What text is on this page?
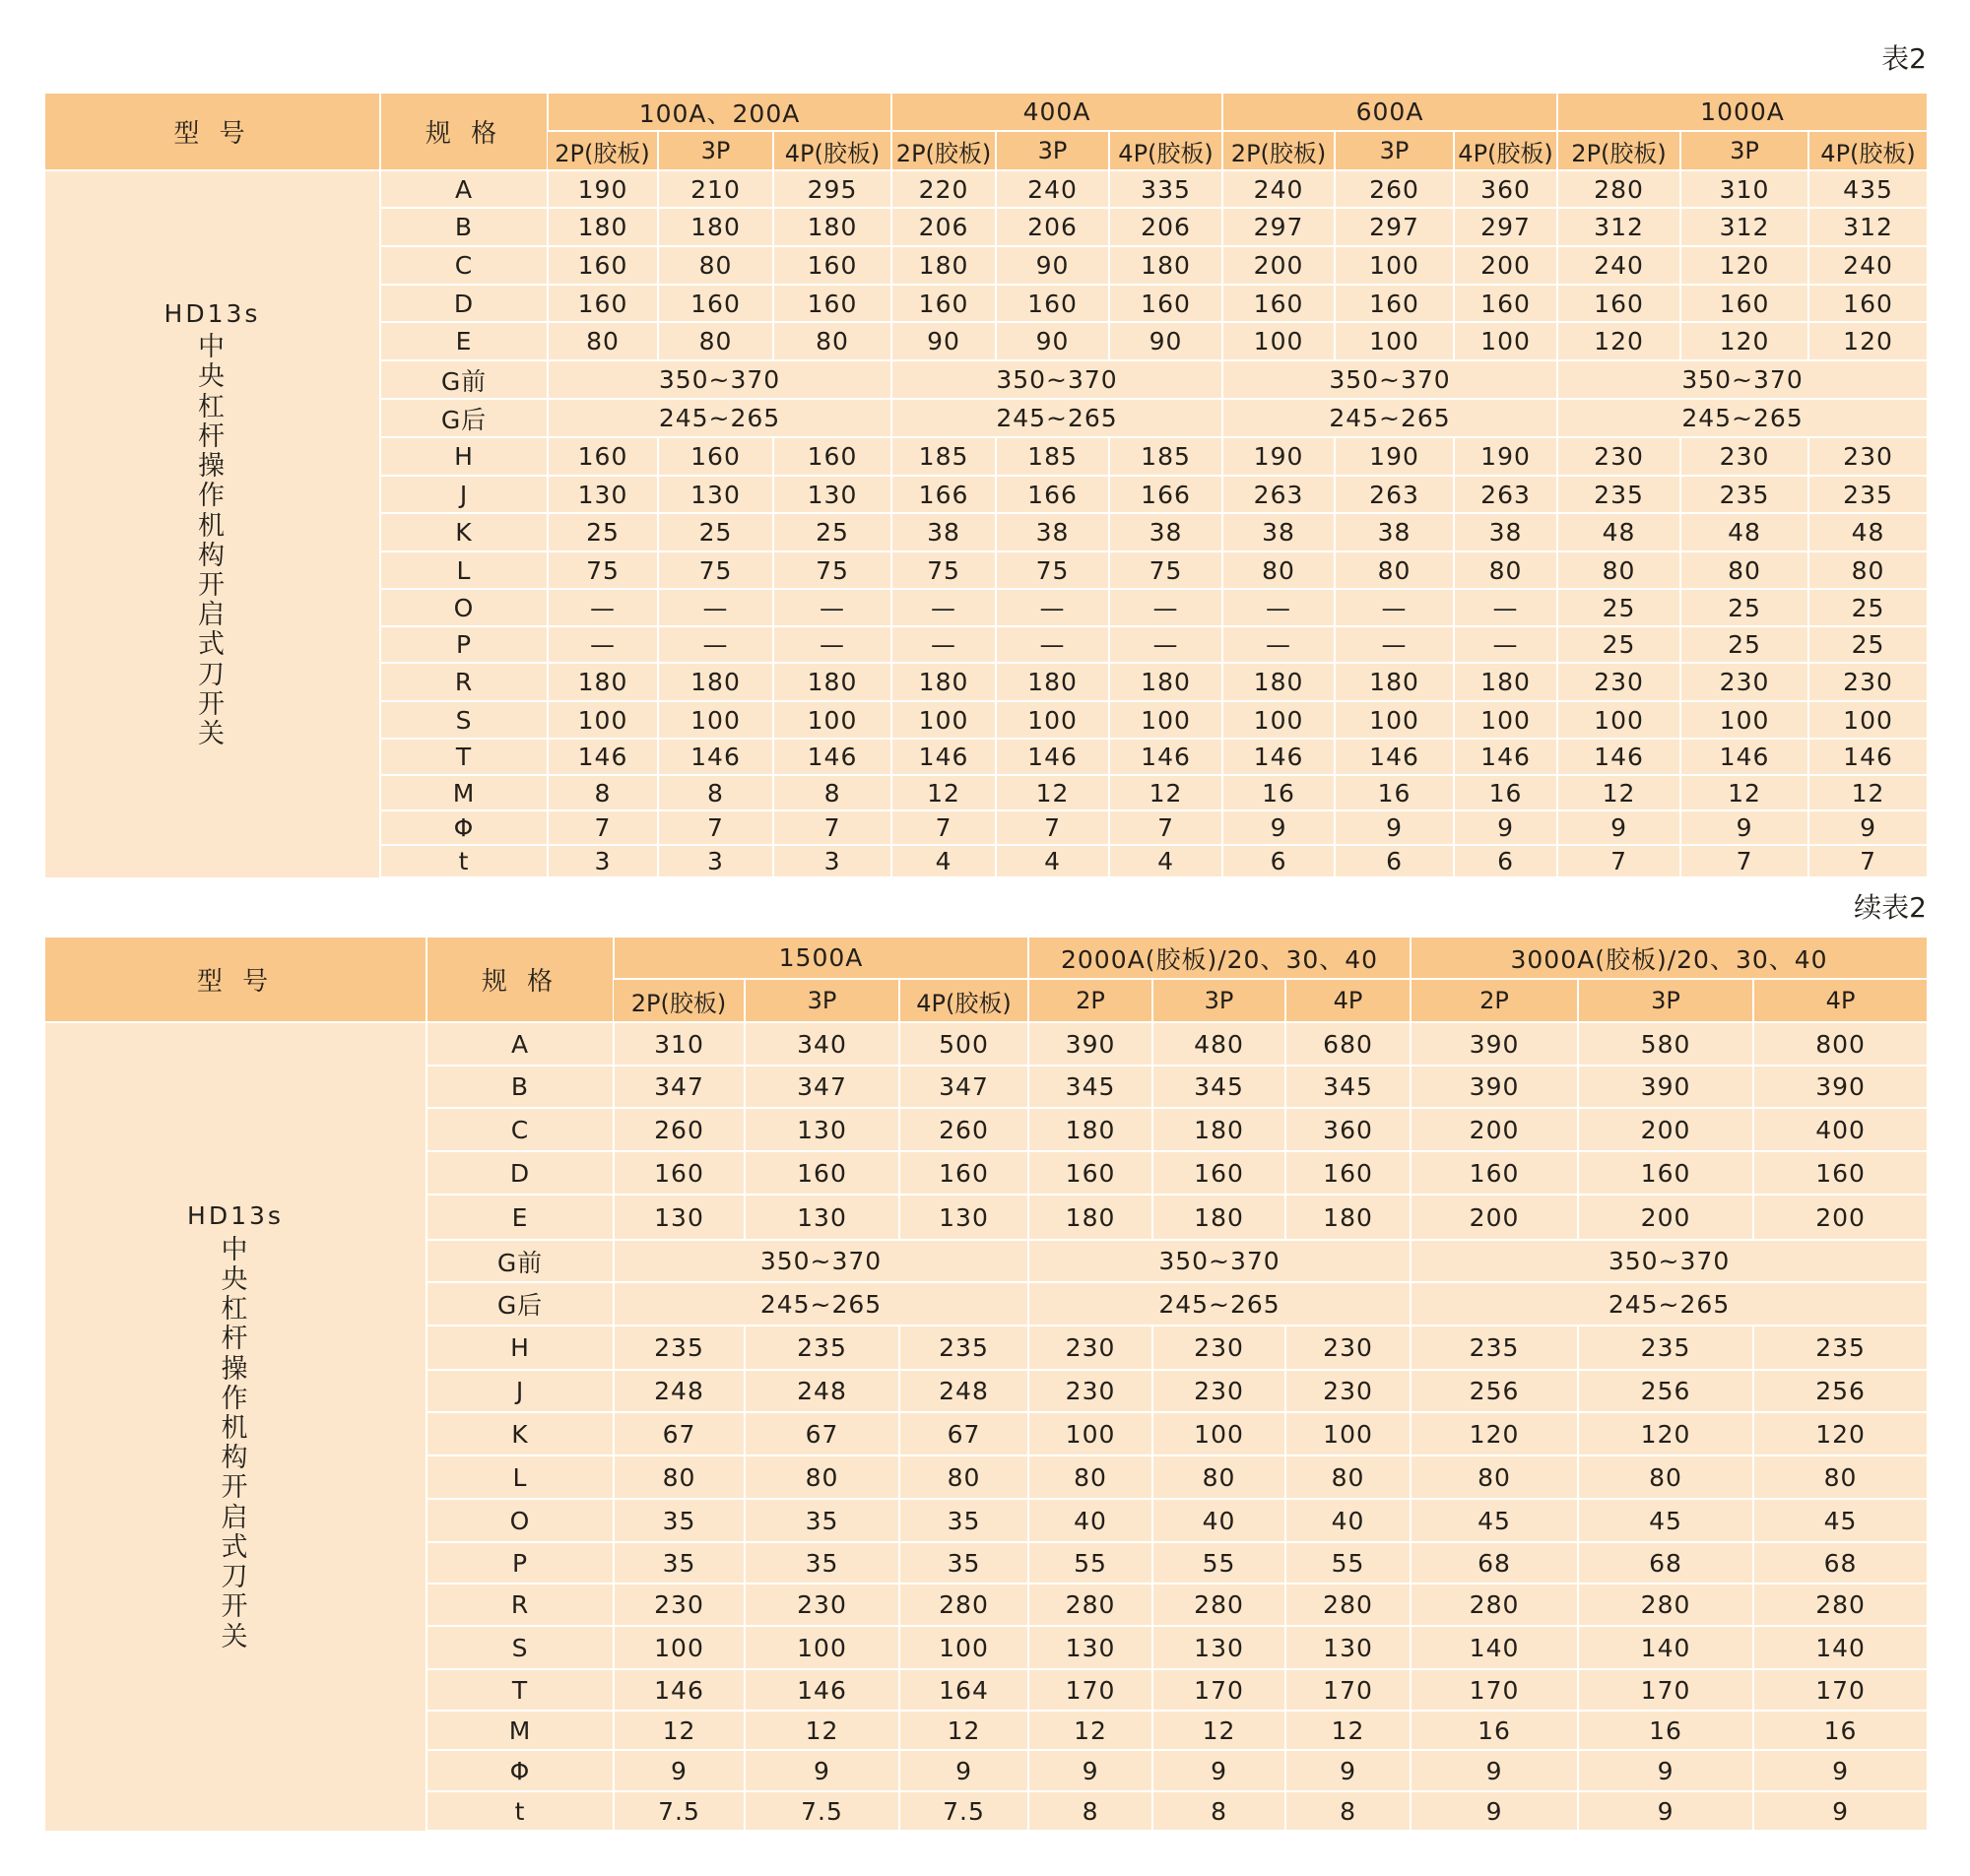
表2
型 号	规 格	100A、200A			400A			600A			1000A		
		2P(胶板)	3P	4P(胶板)	2P(胶板)	3P	4P(胶板)	2P(胶板)	3P	4P(胶板)	2P(胶板)	3P	4P(胶板)

HD13s
中央杠杆操作机构开启式刀开关	A	190	210	295	220	240	335	240	260	360	280	310	435
	B	180	180	180	206	206	206	297	297	297	312	312	312
	C	160	80	160	180	90	180	200	100	200	240	120	240
	D	160	160	160	160	160	160	160	160	160	160	160	160
	E	80	80	80	90	90	90	100	100	100	120	120	120
	G前	350~370			350~370			350~370			350~370		
	G后	245~265			245~265			245~265			245~265		
	H	160	160	160	185	185	185	190	190	190	230	230	230
	J	130	130	130	166	166	166	263	263	263	235	235	235
	K	25	25	25	38	38	38	38	38	38	48	48	48
	L	75	75	75	75	75	75	80	80	80	80	80	80
	O	—	—	—	—	—	—	—	—	—	25	25	25
	P	—	—	—	—	—	—	—	—	—	25	25	25
	R	180	180	180	180	180	180	180	180	180	230	230	230
	S	100	100	100	100	100	100	100	100	100	100	100	100
	T	146	146	146	146	146	146	146	146	146	146	146	146
	M	8	8	8	12	12	12	16	16	16	12	12	12
	Φ	7	7	7	7	7	7	9	9	9	9	9	9
	t	3	3	3	4	4	4	6	6	6	7	7	7
续表2
型 号	规 格	1500A			2000A(胶板)/20、30、40			3000A(胶板)/20、30、40		
		2P(胶板)	3P	4P(胶板)	2P	3P	4P	2P	3P	4P

HD13s
中央杠杆操作机构开启式刀开关	A	310	340	500	390	480	680	390	580	800
	B	347	347	347	345	345	345	390	390	390
	C	260	130	260	180	180	360	200	200	400
	D	160	160	160	160	160	160	160	160	160
	E	130	130	130	180	180	180	200	200	200
	G前	350~370			350~370			350~370		
	G后	245~265			245~265			245~265		
	H	235	235	235	230	230	230	235	235	235
	J	248	248	248	230	230	230	256	256	256
	K	67	67	67	100	100	100	120	120	120
	L	80	80	80	80	80	80	80	80	80
	O	35	35	35	40	40	40	45	45	45
	P	35	35	35	55	55	55	68	68	68
	R	230	230	280	280	280	280	280	280	280
	S	100	100	100	130	130	130	140	140	140
	T	146	146	164	170	170	170	170	170	170
	M	12	12	12	12	12	12	16	16	16
	Φ	9	9	9	9	9	9	9	9	9
	t	7.5	7.5	7.5	8	8	8	9	9	9
